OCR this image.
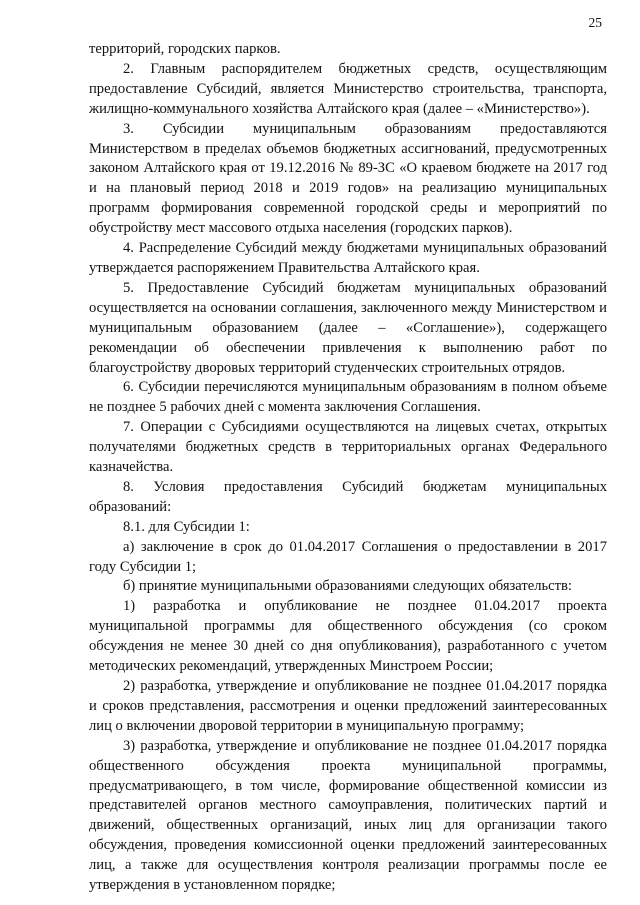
25

территорий, городских парков.

2. Главным распорядителем бюджетных средств, осуществляющим предоставление Субсидий, является Министерство строительства, транспорта, жилищно-коммунального хозяйства Алтайского края (далее – «Министерство»).

3. Субсидии муниципальным образованиям предоставляются Министерством в пределах объемов бюджетных ассигнований, предусмотренных законом Алтайского края от 19.12.2016 № 89-ЗС «О краевом бюджете на 2017 год и на плановый период 2018 и 2019 годов» на реализацию муниципальных программ формирования современной городской среды и мероприятий по обустройству мест массового отдыха населения (городских парков).

4. Распределение Субсидий между бюджетами муниципальных образований утверждается распоряжением Правительства Алтайского края.

5. Предоставление Субсидий бюджетам муниципальных образований осуществляется на основании соглашения, заключенного между Министерством и муниципальным образованием (далее – «Соглашение»), содержащего рекомендации об обеспечении привлечения к выполнению работ по благоустройству дворовых территорий студенческих строительных отрядов.

6. Субсидии перечисляются муниципальным образованиям в полном объеме не позднее 5 рабочих дней с момента заключения Соглашения.

7. Операции с Субсидиями осуществляются на лицевых счетах, открытых получателями бюджетных средств в территориальных органах Федерального казначейства.

8. Условия предоставления Субсидий бюджетам муниципальных образований:

8.1. для Субсидии 1:

а) заключение в срок до 01.04.2017 Соглашения о предоставлении в 2017 году Субсидии 1;

б) принятие муниципальными образованиями следующих обязательств:

1) разработка и опубликование не позднее 01.04.2017 проекта муниципальной программы для общественного обсуждения (со сроком обсуждения не менее 30 дней со дня опубликования), разработанного с учетом методических рекомендаций, утвержденных Минстроем России;

2) разработка, утверждение и опубликование не позднее 01.04.2017 порядка и сроков представления, рассмотрения и оценки предложений заинтересованных лиц о включении дворовой территории в муниципальную программу;

3) разработка, утверждение и опубликование не позднее 01.04.2017 порядка общественного обсуждения проекта муниципальной программы, предусматривающего, в том числе, формирование общественной комиссии из представителей органов местного самоуправления, политических партий и движений, общественных организаций, иных лиц для организации такого обсуждения, проведения комиссионной оценки предложений заинтересованных лиц, а также для осуществления контроля реализации программы после ее утверждения в установленном порядке;
